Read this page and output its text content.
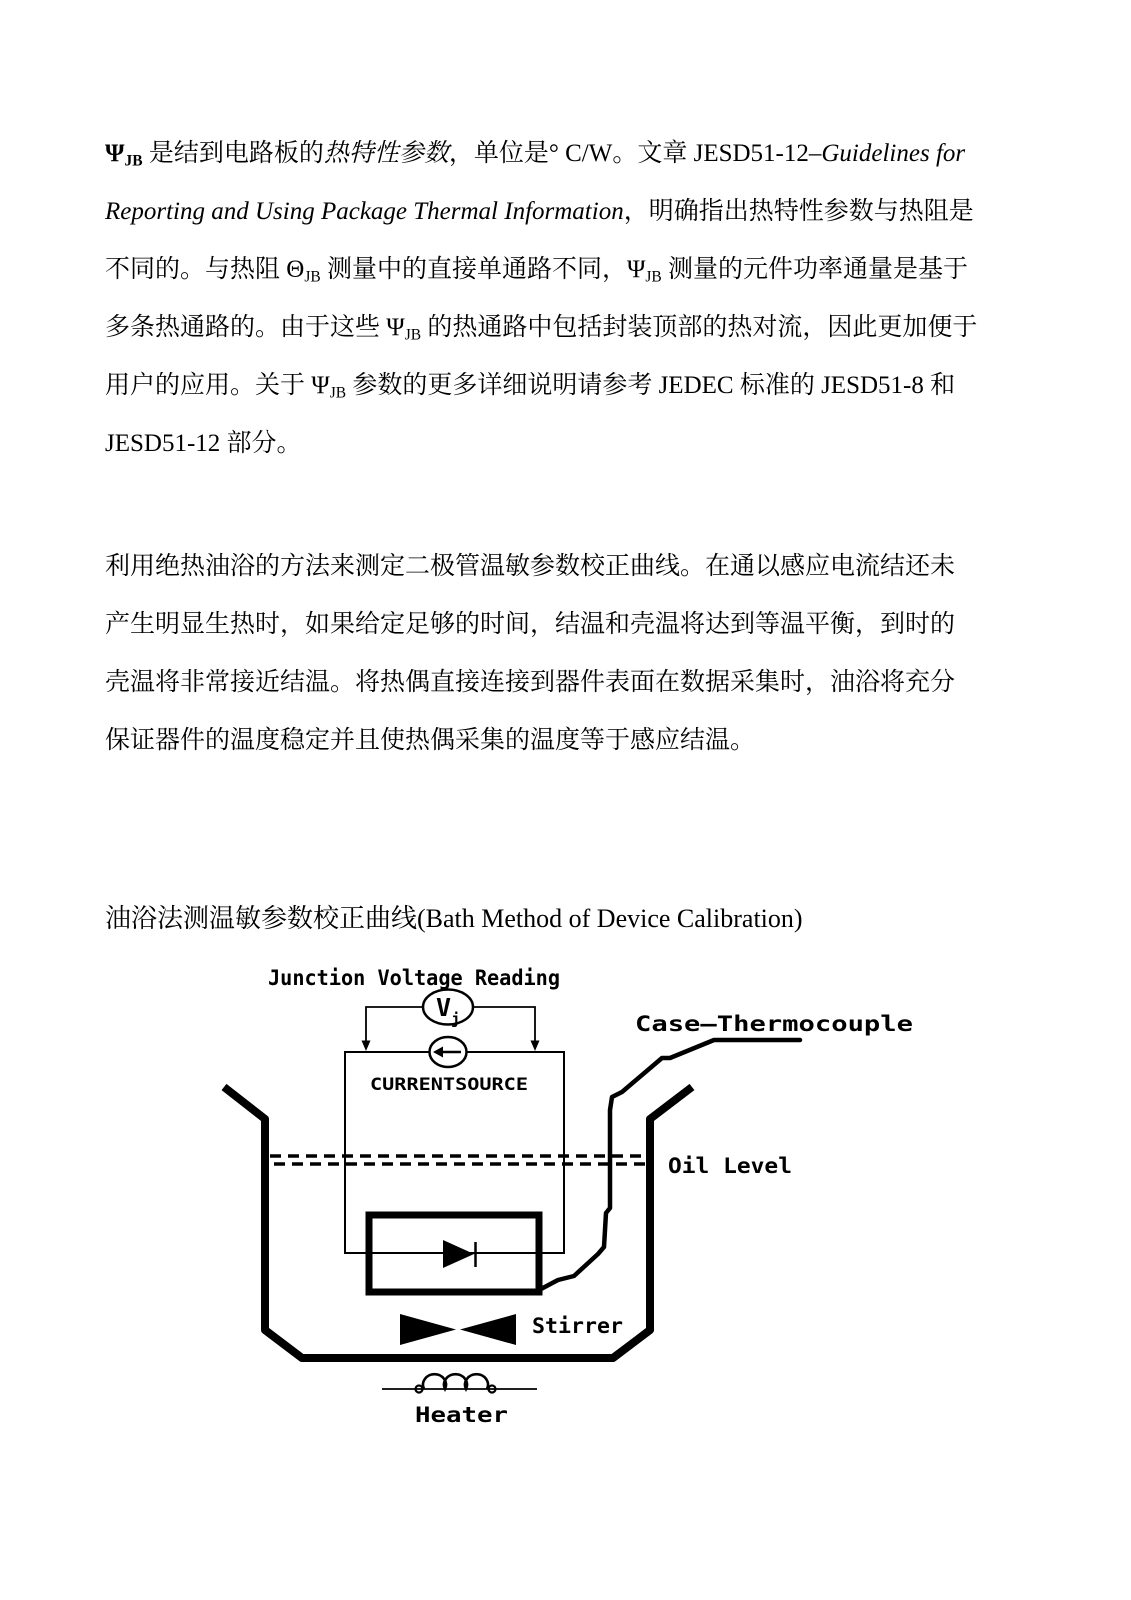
ΨJB 是结到电路板的热特性参数，单位是° C/W。文章 JESD51-12–Guidelines for
Reporting and Using Package Thermal Information，明确指出热特性参数与热阻是
不同的。与热阻 ΘJB 测量中的直接单通路不同，ΨJB 测量的元件功率通量是基于
多条热通路的。由于这些 ΨJB 的热通路中包括封装顶部的热对流，因此更加便于
用户的应用。关于 ΨJB 参数的更多详细说明请参考 JEDEC 标准的 JESD51-8 和
JESD51-12 部分。
利用绝热油浴的方法来测定二极管温敏参数校正曲线。在通以感应电流结还未
产生明显生热时，如果给定足够的时间，结温和壳温将达到等温平衡，到时的
壳温将非常接近结温。将热偶直接连接到器件表面在数据采集时，油浴将充分
保证器件的温度稳定并且使热偶采集的温度等于感应结温。
油浴法测温敏参数校正曲线(Bath Method of Device Calibration)
Junction Voltage Reading
CURRENTSOURCE
$V_j$	Case—Thermocouple
Oil Level
Stirrer
Heater
